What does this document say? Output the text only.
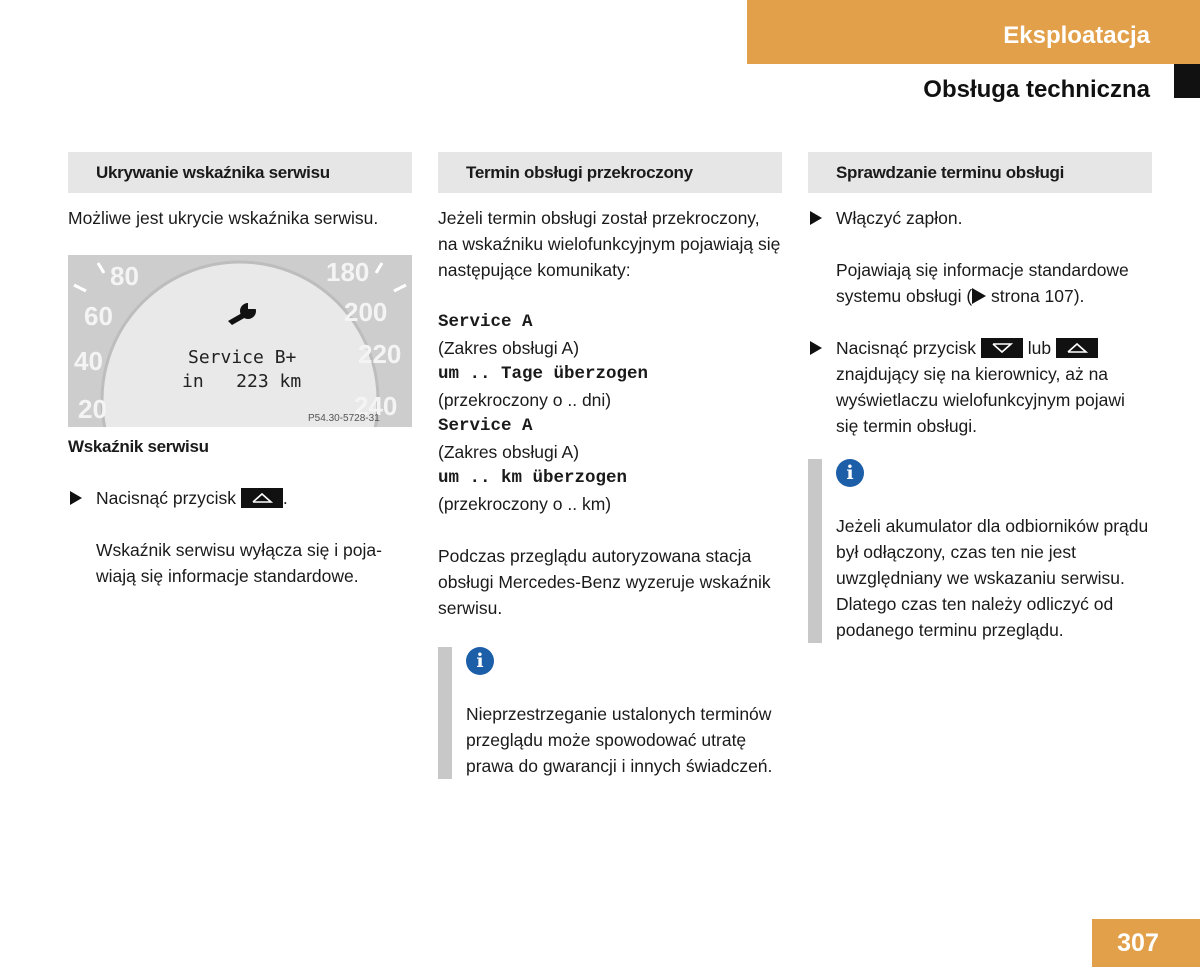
Eksploatacja
Obsługa techniczna
Ukrywanie wskaźnika serwisu

Możliwe jest ukrycie wskaźnika serwisu.

80
60
40
20
180
200
220
240
Service B+
in   223 km
P54.30-5728-31
Wskaźnik serwisu
Nacisnąć przycisk	.

Wskaźnik serwisu wyłącza się i pojawiają się informacje standardowe.

Termin obsługi przekroczony

Jeżeli termin obsługi został przekroczony, na wskaźniku wielofunkcyjnym pojawiają się następujące komunikaty:

Service A
(Zakres obsługi A)
um .. Tage überzogen
(przekroczony o .. dni)
Service A
(Zakres obsługi A)
um .. km überzogen
(przekroczony o .. km)

Podczas przeglądu autoryzowana stacja obsługi Mercedes-Benz wyzeruje wskaźnik serwisu.

i

Nieprzestrzeganie ustalonych terminów przeglądu może spowodować utratę prawa do gwarancji i innych świadczeń.

Sprawdzanie terminu obsługi
Włączyć zapłon.

Pojawiają się informacje standardowe systemu obsługi ( strona 107).

Nacisnąć przycisk	lub
znajdujący się na kierownicy, aż na wyświetlaczu wielofunkcyjnym pojawi się termin obsługi.
i

Jeżeli akumulator dla odbiorników prądu był odłączony, czas ten nie jest uwzględniany we wskazaniu serwisu. Dlatego czas ten należy odliczyć od podanego terminu przeglądu.

307
